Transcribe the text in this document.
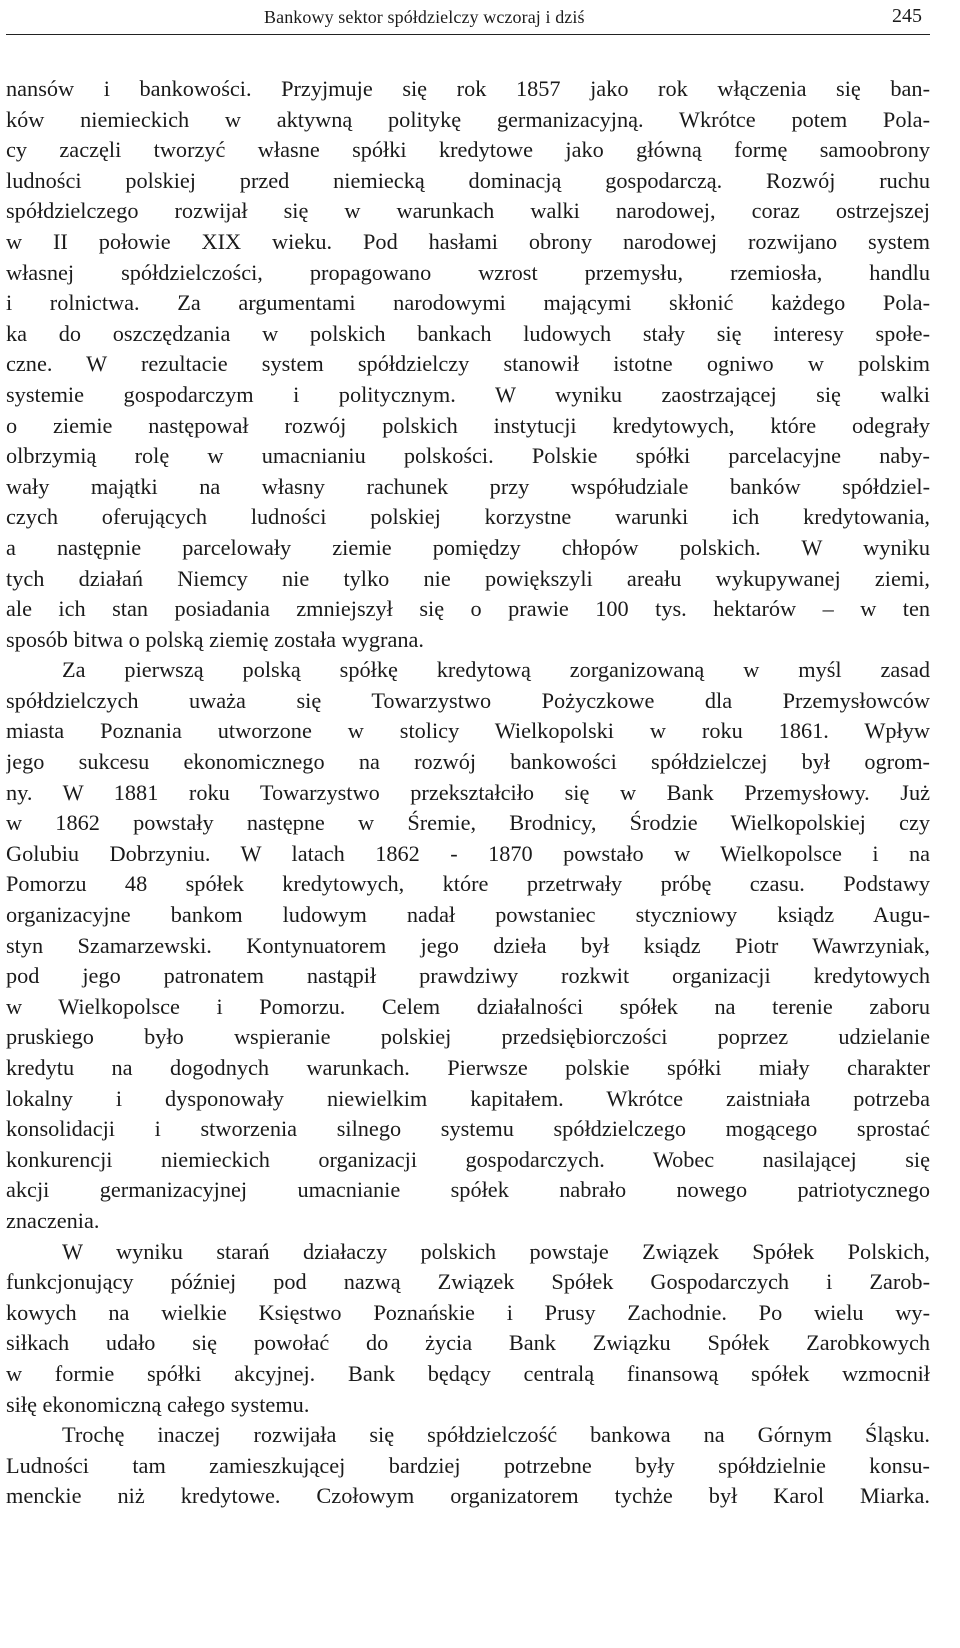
Bankowy sektor spółdzielczy wczoraj i dziś	245
nansów i bankowości. Przyjmuje się rok 1857 jako rok włączenia się ban-
ków niemieckich w aktywną politykę germanizacyjną. Wkrótce potem Pola-
cy zaczęli tworzyć własne spółki kredytowe jako główną formę samoobrony
ludności polskiej przed niemiecką dominacją gospodarczą. Rozwój ruchu
spółdzielczego rozwijał się w warunkach walki narodowej, coraz ostrzejszej
w II połowie XIX wieku. Pod hasłami obrony narodowej rozwijano system
własnej spółdzielczości, propagowano wzrost przemysłu, rzemiosła, handlu
i rolnictwa. Za argumentami narodowymi mającymi skłonić każdego Pola-
ka do oszczędzania w polskich bankach ludowych stały się interesy społe-
czne. W rezultacie system spółdzielczy stanowił istotne ogniwo w polskim
systemie gospodarczym i politycznym. W wyniku zaostrzającej się walki
o ziemie następował rozwój polskich instytucji kredytowych, które odegrały
olbrzymią rolę w umacnianiu polskości. Polskie spółki parcelacyjne naby-
wały majątki na własny rachunek przy współudziale banków spółdziel-
czych oferujących ludności polskiej korzystne warunki ich kredytowania,
a następnie parcelowały ziemie pomiędzy chłopów polskich. W wyniku
tych działań Niemcy nie tylko nie powiększyli areału wykupywanej ziemi,
ale ich stan posiadania zmniejszył się o prawie 100 tys. hektarów – w ten
sposób bitwa o polską ziemię została wygrana.
Za pierwszą polską spółkę kredytową zorganizowaną w myśl zasad
spółdzielczych uważa się Towarzystwo Pożyczkowe dla Przemysłowców
miasta Poznania utworzone w stolicy Wielkopolski w roku 1861. Wpływ
jego sukcesu ekonomicznego na rozwój bankowości spółdzielczej był ogrom-
ny. W 1881 roku Towarzystwo przekształciło się w Bank Przemysłowy. Już
w 1862 powstały następne w Śremie, Brodnicy, Środzie Wielkopolskiej czy
Golubiu Dobrzyniu. W latach 1862 - 1870 powstało w Wielkopolsce i na
Pomorzu 48 spółek kredytowych, które przetrwały próbę czasu. Podstawy
organizacyjne bankom ludowym nadał powstaniec styczniowy ksiądz Augu-
styn Szamarzewski. Kontynuatorem jego dzieła był ksiądz Piotr Wawrzyniak,
pod jego patronatem nastąpił prawdziwy rozkwit organizacji kredytowych
w Wielkopolsce i Pomorzu. Celem działalności spółek na terenie zaboru
pruskiego było wspieranie polskiej przedsiębiorczości poprzez udzielanie
kredytu na dogodnych warunkach. Pierwsze polskie spółki miały charakter
lokalny i dysponowały niewielkim kapitałem. Wkrótce zaistniała potrzeba
konsolidacji i stworzenia silnego systemu spółdzielczego mogącego sprostać
konkurencji niemieckich organizacji gospodarczych. Wobec nasilającej się
akcji germanizacyjnej umacnianie spółek nabrało nowego patriotycznego
znaczenia.
W wyniku starań działaczy polskich powstaje Związek Spółek Polskich,
funkcjonujący później pod nazwą Związek Spółek Gospodarczych i Zarob-
kowych na wielkie Księstwo Poznańskie i Prusy Zachodnie. Po wielu wy-
siłkach udało się powołać do życia Bank Związku Spółek Zarobkowych
w formie spółki akcyjnej. Bank będący centralą finansową spółek wzmocnił
siłę ekonomiczną całego systemu.
Trochę inaczej rozwijała się spółdzielczość bankowa na Górnym Śląsku.
Ludności tam zamieszkującej bardziej potrzebne były spółdzielnie konsu-
menckie niż kredytowe. Czołowym organizatorem tychże był Karol Miarka.
